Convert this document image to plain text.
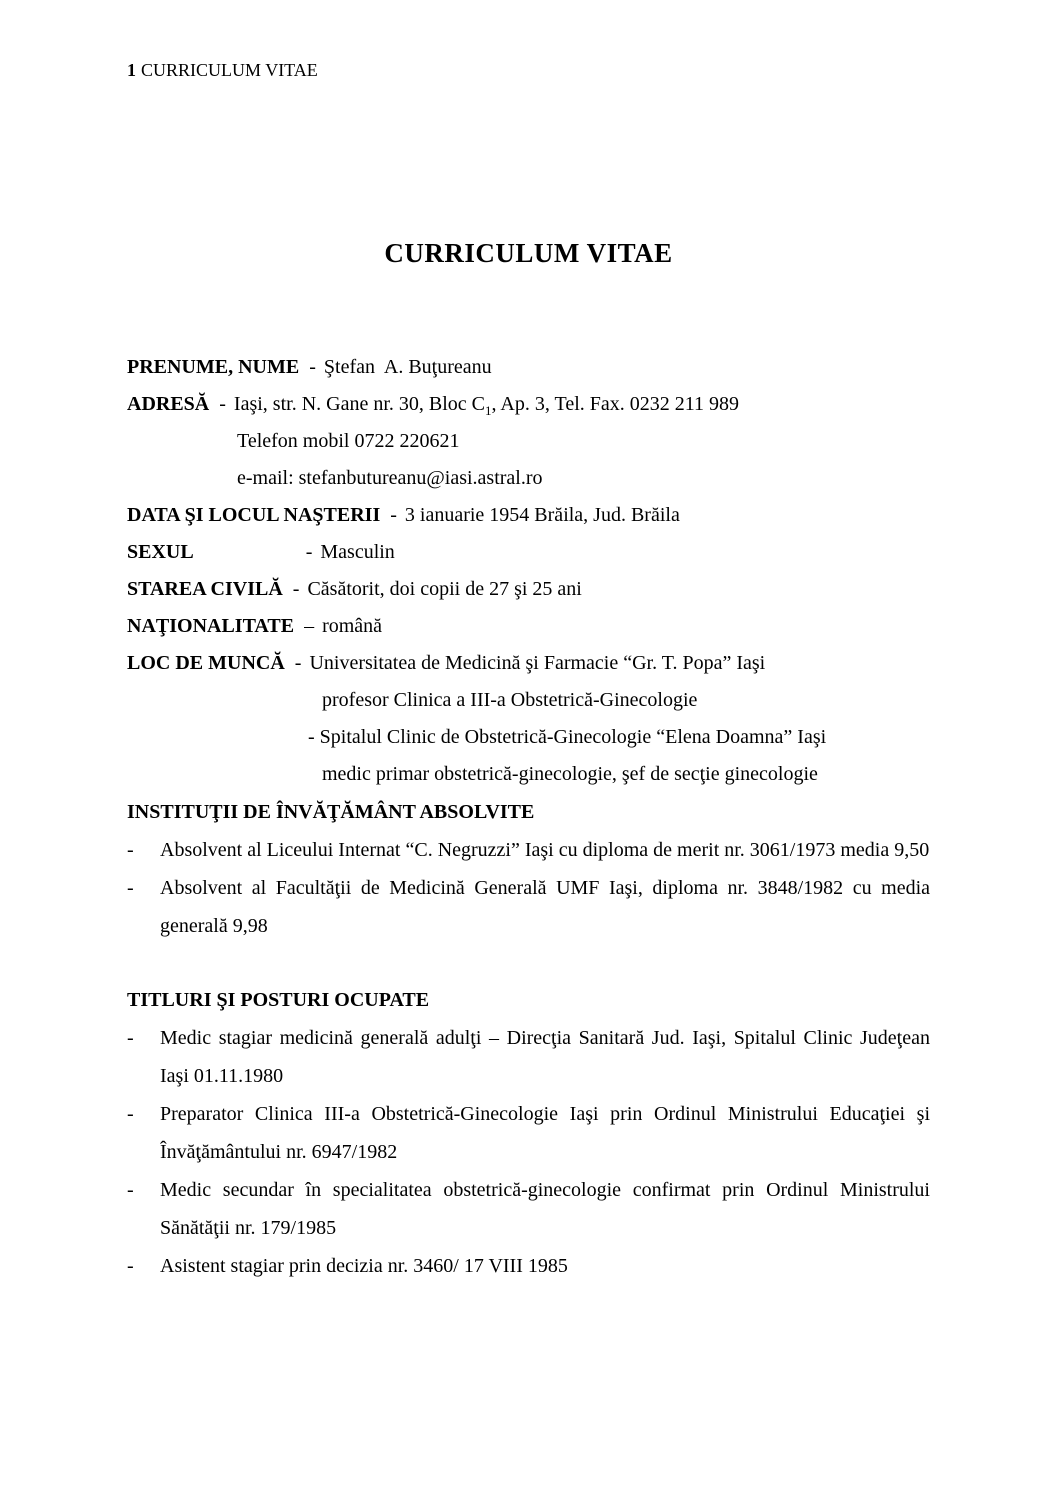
1 CURRICULUM VITAE
CURRICULUM VITAE
PRENUME, NUME - Ştefan  A. Buţureanu
ADRESĂ - Iaşi, str. N. Gane nr. 30, Bloc $C_1$, Ap. 3, Tel. Fax. 0232 211 989
Telefon mobil 0722 220621
e-mail: stefanbutureanu@iasi.astral.ro
DATA ŞI LOCUL NAŞTERII - 3 ianuarie 1954 Brăila, Jud. Brăila
SEXUL	- Masculin
STAREA CIVILĂ - Căsătorit, doi copii de 27 şi 25 ani
NAŢIONALITATE – română
LOC DE MUNCĂ - Universitatea de Medicină şi Farmacie “Gr. T. Popa” Iaşi
profesor Clinica a III-a Obstetrică-Ginecologie
- Spitalul Clinic de Obstetrică-Ginecologie “Elena Doamna” Iaşi
medic primar obstetrică-ginecologie, şef de secţie ginecologie
INSTITUŢII DE ÎNVĂŢĂMÂNT ABSOLVITE
-	Absolvent al Liceului Internat “C. Negruzzi” Iaşi cu diploma de merit nr. 3061/1973 media 9,50
-	Absolvent al Facultăţii de Medicină Generală UMF Iaşi, diploma nr. 3848/1982 cu media generală 9,98
TITLURI ŞI POSTURI OCUPATE
-	Medic stagiar medicină generală adulţi – Direcţia Sanitară Jud. Iaşi, Spitalul Clinic Judeţean Iaşi 01.11.1980
-	Preparator Clinica III-a Obstetrică-Ginecologie Iaşi prin Ordinul Ministrului Educaţiei şi Învăţământului nr. 6947/1982
-	Medic secundar în specialitatea obstetrică-ginecologie confirmat prin Ordinul Ministrului Sănătăţii nr. 179/1985
-	Asistent stagiar prin decizia nr. 3460/ 17 VIII 1985
